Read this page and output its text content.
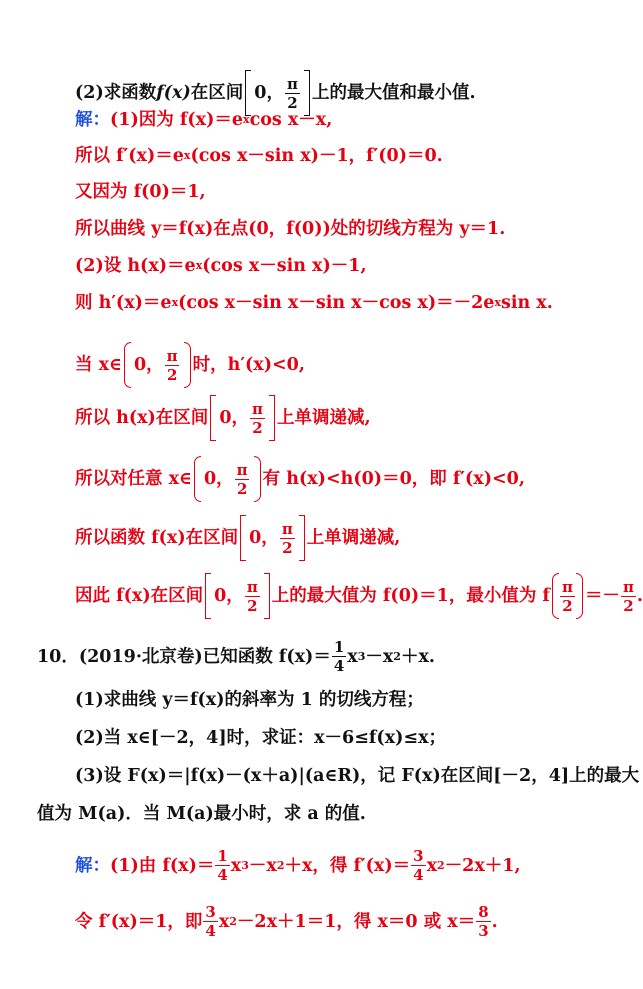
(2)求函数 f(x) 在区间 0， $\frac{\pi}{2}$ 上的最大值和最小值.
解： (1)因为 f(x)＝e x cos x－x,
所以 f′(x)＝e x (cos x－sin x)－1，f′(0)＝0.
又因为 f(0)＝1,
所以曲线 y＝f(x)在点(0，f(0))处的切线方程为 y＝1.
(2)设 h(x)＝e x (cos x－sin x)－1,
则 h′(x)＝e x (cos x－sin x－sin x－cos x)＝－2e x sin x.
当 x∈ 0， $\frac{\pi}{2}$ 时，h′(x)<0,
所以 h(x)在区间 0， $\frac{\pi}{2}$ 上单调递减,
所以对任意 x∈ 0， $\frac{\pi}{2}$ 有 h(x)<h(0)＝0，即 f′(x)<0,
所以函数 f(x)在区间 0， $\frac{\pi}{2}$ 上单调递减,
因此 f(x)在区间 0， $\frac{\pi}{2}$ 上的最大值为 f(0)＝1，最小值为 f $\frac{\pi}{2} =- \frac{\pi}{2}$ .
10．(2019·北京卷)已知函数 $f(x)= \frac{1}{4}$ x 3 －x 2 ＋x.
(1)求曲线 y＝f(x)的斜率为 1 的切线方程；
(2)当 x∈[－2，4]时，求证：x－6≤f(x)≤x；
(3)设 F(x)＝|f(x)－(x＋a)|(a∈R)，记 F(x)在区间[－2，4]上的最大
值为 M(a)．当 M(a)最小时，求 a 的值.
解： (1)由 $f(x)= \frac{1}{4}$ x 3 －x 2 ＋x，得 $f'(x)= \frac{3}{4}$ x 2 －2x＋1,
令 f′(x)＝1，即 $\frac{3}{4}$ x 2 －2x＋1＝1，得 x＝0 或 $x= \frac{8}{3}$ .
